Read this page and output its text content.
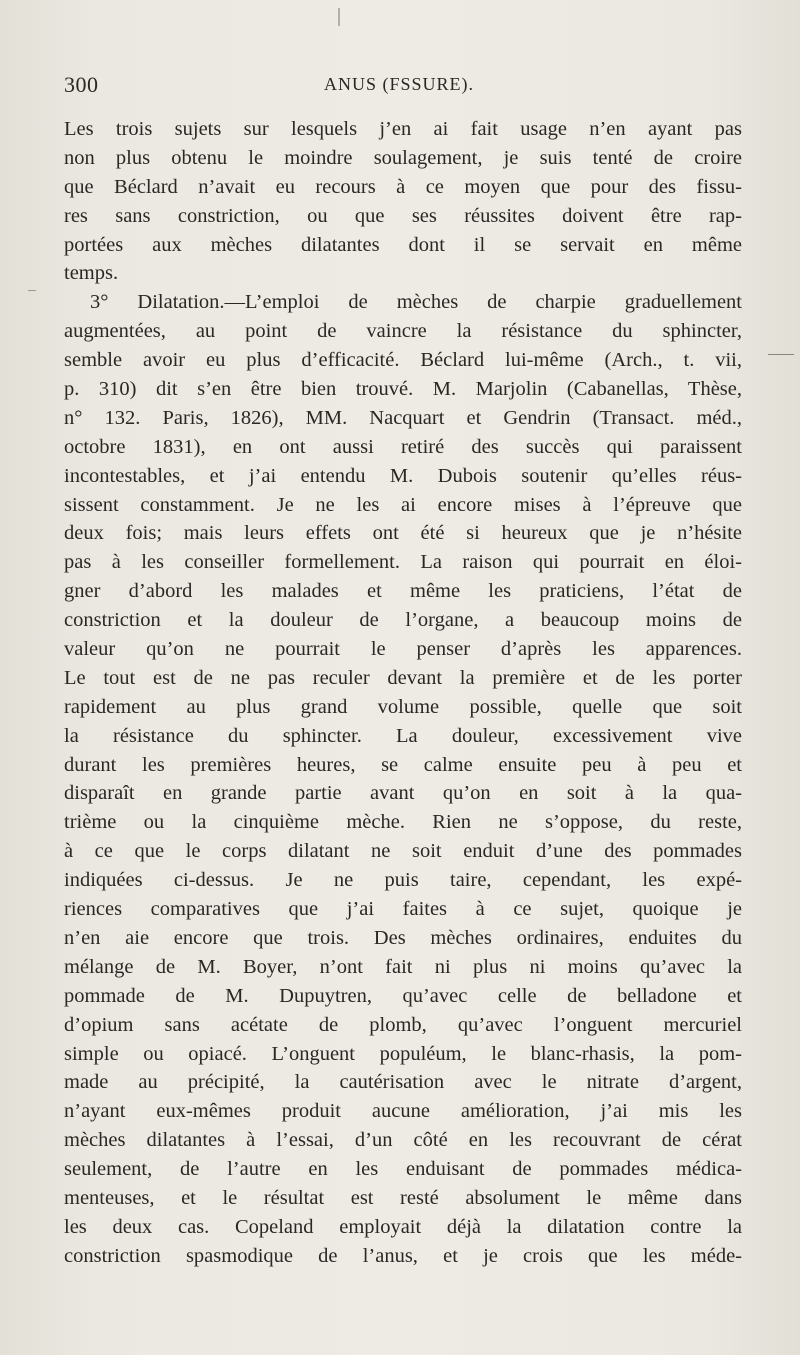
300	ANUS (FSSURE).
Les trois sujets sur lesquels j’en ai fait usage n’en ayant pas
non plus obtenu le moindre soulagement, je suis tenté de croire
que Béclard n’avait eu recours à ce moyen que pour des fissu-
res sans constriction, ou que ses réussites doivent être rap-
portées aux mèches dilatantes dont il se servait en même
temps.
3° Dilatation.—L’emploi de mèches de charpie graduellement
augmentées, au point de vaincre la résistance du sphincter,
semble avoir eu plus d’efficacité. Béclard lui-même (Arch., t. vii,
p. 310) dit s’en être bien trouvé. M. Marjolin (Cabanellas, Thèse,
n° 132. Paris, 1826), MM. Nacquart et Gendrin (Transact. méd.,
octobre 1831), en ont aussi retiré des succès qui paraissent
incontestables, et j’ai entendu M. Dubois soutenir qu’elles réus-
sissent constamment. Je ne les ai encore mises à l’épreuve que
deux fois; mais leurs effets ont été si heureux que je n’hésite
pas à les conseiller formellement. La raison qui pourrait en éloi-
gner d’abord les malades et même les praticiens, l’état de
constriction et la douleur de l’organe, a beaucoup moins de
valeur qu’on ne pourrait le penser d’après les apparences.
Le tout est de ne pas reculer devant la première et de les porter
rapidement au plus grand volume possible, quelle que soit
la résistance du sphincter. La douleur, excessivement vive
durant les premières heures, se calme ensuite peu à peu et
disparaît en grande partie avant qu’on en soit à la qua-
trième ou la cinquième mèche. Rien ne s’oppose, du reste,
à ce que le corps dilatant ne soit enduit d’une des pommades
indiquées ci-dessus. Je ne puis taire, cependant, les expé-
riences comparatives que j’ai faites à ce sujet, quoique je
n’en aie encore que trois. Des mèches ordinaires, enduites du
mélange de M. Boyer, n’ont fait ni plus ni moins qu’avec la
pommade de M. Dupuytren, qu’avec celle de belladone et
d’opium sans acétate de plomb, qu’avec l’onguent mercuriel
simple ou opiacé. L’onguent populéum, le blanc-rhasis, la pom-
made au précipité, la cautérisation avec le nitrate d’argent,
n’ayant eux-mêmes produit aucune amélioration, j’ai mis les
mèches dilatantes à l’essai, d’un côté en les recouvrant de cérat
seulement, de l’autre en les enduisant de pommades médica-
menteuses, et le résultat est resté absolument le même dans
les deux cas. Copeland employait déjà la dilatation contre la
constriction spasmodique de l’anus, et je crois que les méde-
